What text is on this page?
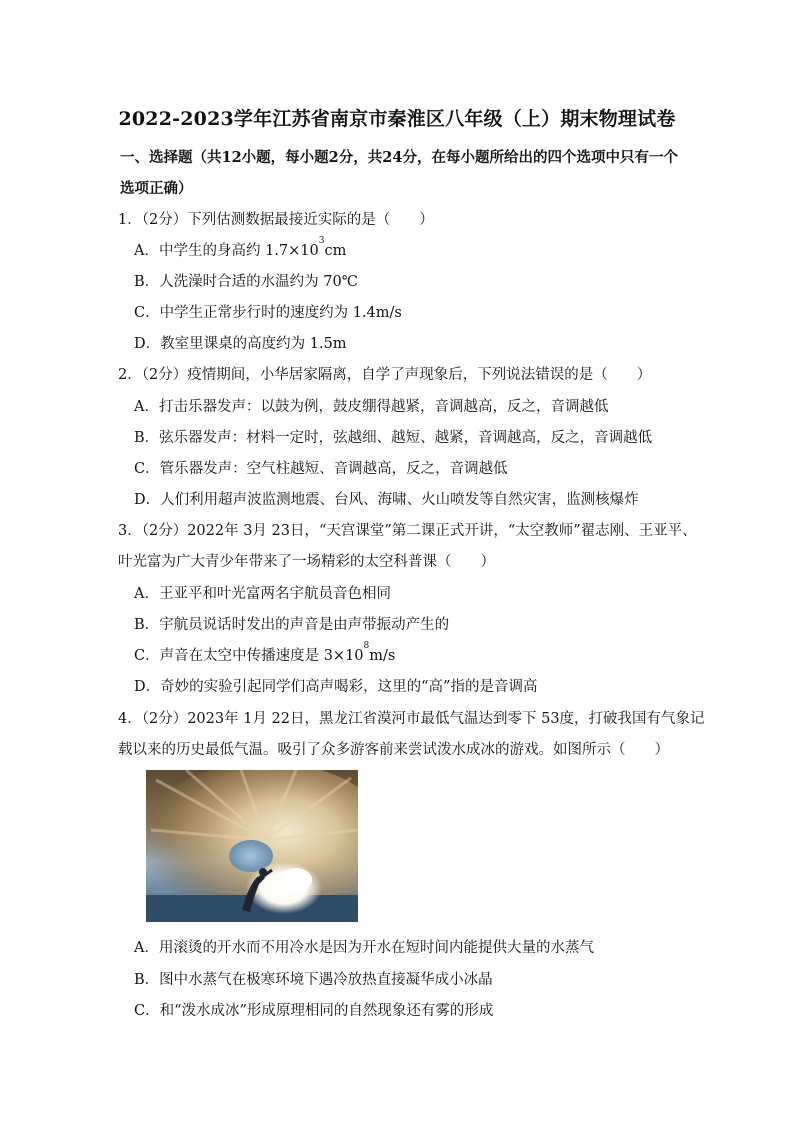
2022-2023学年江苏省南京市秦淮区八年级（上）期末物理试卷
一、选择题（共12小题，每小题2分，共24分，在每小题所给出的四个选项中只有一个
选项正确）
1．（2分）下列估测数据最接近实际的是（　　）
A．中学生的身高约 $1.7\times 10^3cm$
B．人洗澡时合适的水温约为 70℃
C．中学生正常步行时的速度约为 1.4m/s
D．教室里课桌的高度约为 1.5m
2．（2分）疫情期间，小华居家隔离，自学了声现象后，下列说法错误的是（　　）
A．打击乐器发声：以鼓为例，鼓皮绷得越紧，音调越高，反之，音调越低
B．弦乐器发声：材料一定时，弦越细、越短、越紧，音调越高，反之，音调越低
C．管乐器发声：空气柱越短、音调越高，反之，音调越低
D．人们利用超声波监测地震、台风、海啸、火山喷发等自然灾害，监测核爆炸
3．（2分）2022年 3月 23日，“天宫课堂”第二课正式开讲，“太空教师”翟志刚、王亚平、
叶光富为广大青少年带来了一场精彩的太空科普课（　　）
A．王亚平和叶光富两名宇航员音色相同
B．宇航员说话时发出的声音是由声带振动产生的
C．声音在太空中传播速度是 $3\times 10^8m/s$
D．奇妙的实验引起同学们高声喝彩，这里的“高”指的是音调高
4．（2分）2023年 1月 22日，黑龙江省漠河市最低气温达到零下 53度，打破我国有气象记
载以来的历史最低气温。吸引了众多游客前来尝试泼水成冰的游戏。如图所示（　　）
A．用滚烫的开水而不用冷水是因为开水在短时间内能提供大量的水蒸气
B．图中水蒸气在极寒环境下遇冷放热直接凝华成小冰晶
C．和“泼水成冰”形成原理相同的自然现象还有雾的形成
